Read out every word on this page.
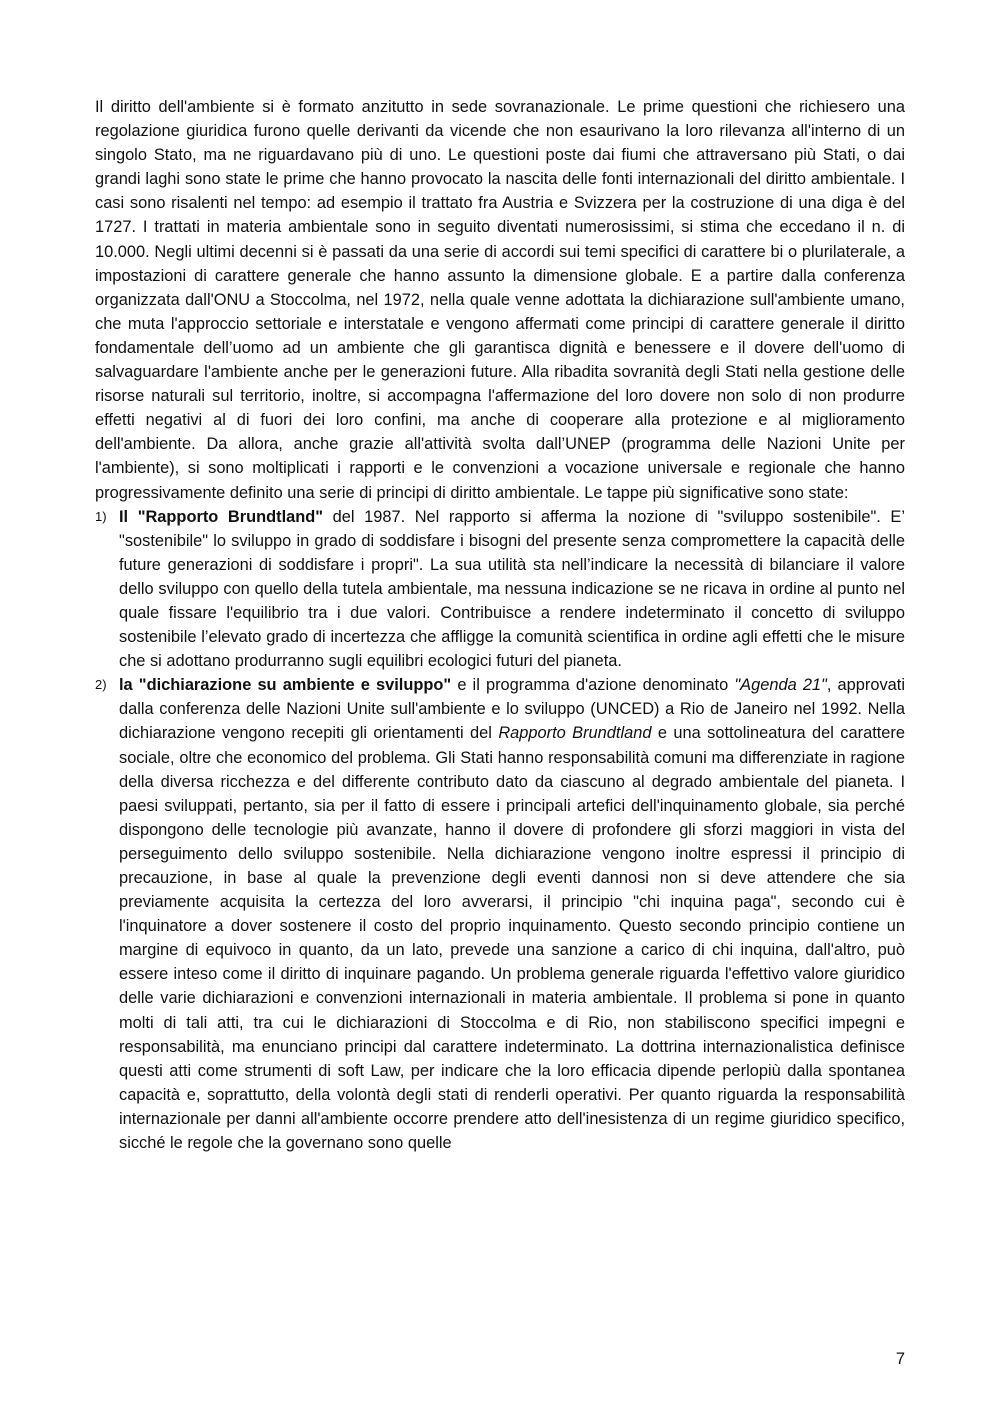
Il diritto dell'ambiente si è formato anzitutto in sede sovranazionale. Le prime questioni che richiesero una regolazione giuridica furono quelle derivanti da vicende che non esaurivano la loro rilevanza all'interno di un singolo Stato, ma ne riguardavano più di uno. Le questioni poste dai fiumi che attraversano più Stati, o dai grandi laghi sono state le prime che hanno provocato la nascita delle fonti internazionali del diritto ambientale. I casi sono risalenti nel tempo: ad esempio il trattato fra Austria e Svizzera per la costruzione di una diga è del 1727. I trattati in materia ambientale sono in seguito diventati numerosissimi, si stima che eccedano il n. di 10.000. Negli ultimi decenni si è passati da una serie di accordi sui temi specifici di carattere bi o plurilaterale, a impostazioni di carattere generale che hanno assunto la dimensione globale. E a partire dalla conferenza organizzata dall'ONU a Stoccolma, nel 1972, nella quale venne adottata la dichiarazione sull'ambiente umano, che muta l'approccio settoriale e interstatale e vengono affermati come principi di carattere generale il diritto fondamentale dell’uomo ad un ambiente che gli garantisca dignità e benessere e il dovere dell'uomo di salvaguardare l'ambiente anche per le generazioni future. Alla ribadita sovranità degli Stati nella gestione delle risorse naturali sul territorio, inoltre, si accompagna l'affermazione del loro dovere non solo di non produrre effetti negativi al di fuori dei loro confini, ma anche di cooperare alla protezione e al miglioramento dell'ambiente. Da allora, anche grazie all'attività svolta dall’UNEP (programma delle Nazioni Unite per l'ambiente), si sono moltiplicati i rapporti e le convenzioni a vocazione universale e regionale che hanno progressivamente definito una serie di principi di diritto ambientale. Le tappe più significative sono state:

1) Il "Rapporto Brundtland" del 1987. Nel rapporto si afferma la nozione di "sviluppo sostenibile". E’ "sostenibile" lo sviluppo in grado di soddisfare i bisogni del presente senza compromettere la capacità delle future generazioni di soddisfare i propri". La sua utilità sta nell’indicare la necessità di bilanciare il valore dello sviluppo con quello della tutela ambientale, ma nessuna indicazione se ne ricava in ordine al punto nel quale fissare l'equilibrio tra i due valori. Contribuisce a rendere indeterminato il concetto di sviluppo sostenibile l’elevato grado di incertezza che affligge la comunità scientifica in ordine agli effetti che le misure che si adottano produrranno sugli equilibri ecologici futuri del pianeta.
2) la "dichiarazione su ambiente e sviluppo" e il programma d'azione denominato "Agenda 21", approvati dalla conferenza delle Nazioni Unite sull'ambiente e lo sviluppo (UNCED) a Rio de Janeiro nel 1992. Nella dichiarazione vengono recepiti gli orientamenti del Rapporto Brundtland e una sottolineatura del carattere sociale, oltre che economico del problema. Gli Stati hanno responsabilità comuni ma differenziate in ragione della diversa ricchezza e del differente contributo dato da ciascuno al degrado ambientale del pianeta. I paesi sviluppati, pertanto, sia per il fatto di essere i principali artefici dell'inquinamento globale, sia perché dispongono delle tecnologie più avanzate, hanno il dovere di profondere gli sforzi maggiori in vista del perseguimento dello sviluppo sostenibile. Nella dichiarazione vengono inoltre espressi il principio di precauzione, in base al quale la prevenzione degli eventi dannosi non si deve attendere che sia previamente acquisita la certezza del loro avverarsi, il principio "chi inquina paga", secondo cui è l'inquinatore a dover sostenere il costo del proprio inquinamento. Questo secondo principio contiene un margine di equivoco in quanto, da un lato, prevede una sanzione a carico di chi inquina, dall'altro, può essere inteso come il diritto di inquinare pagando. Un problema generale riguarda l'effettivo valore giuridico delle varie dichiarazioni e convenzioni internazionali in materia ambientale. Il problema si pone in quanto molti di tali atti, tra cui le dichiarazioni di Stoccolma e di Rio, non stabiliscono specifici impegni e responsabilità, ma enunciano principi dal carattere indeterminato. La dottrina internazionalistica definisce questi atti come strumenti di soft Law, per indicare che la loro efficacia dipende perlopiù dalla spontanea capacità e, soprattutto, della volontà degli stati di renderli operativi. Per quanto riguarda la responsabilità internazionale per danni all'ambiente occorre prendere atto dell'inesistenza di un regime giuridico specifico, sicché le regole che la governano sono quelle
7
